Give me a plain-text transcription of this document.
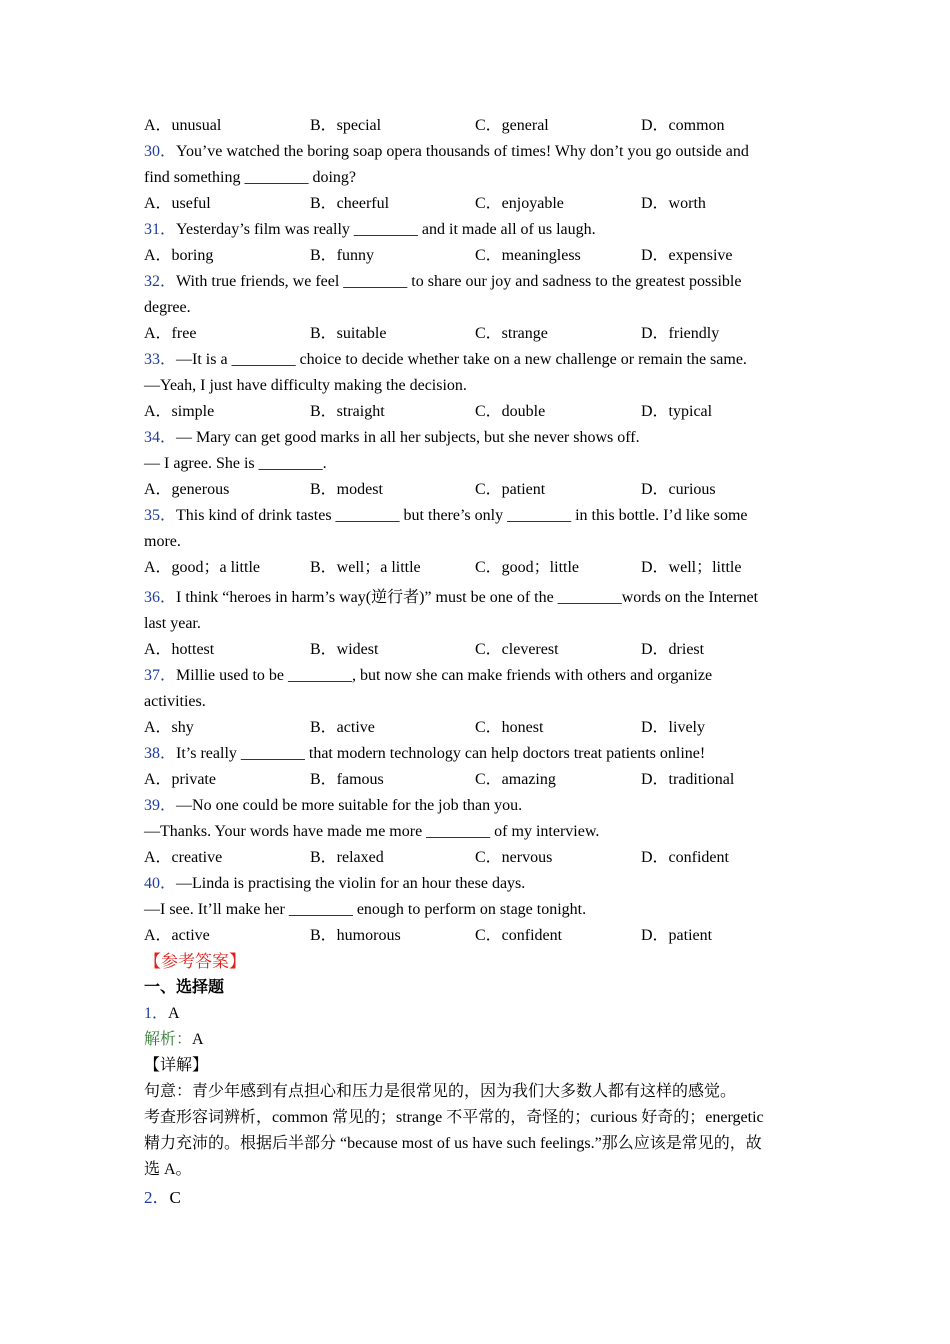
A．unusual	B．special	C．general	D．common
30．You’ve watched the boring soap opera thousands of times! Why don’t you go outside and
find something ________ doing?
A．useful	B．cheerful	C．enjoyable	D．worth
31．Yesterday’s film was really ________ and it made all of us laugh.
A．boring	B．funny	C．meaningless	D．expensive
32．With true friends, we feel ________ to share our joy and sadness to the greatest possible
degree.
A．free	B．suitable	C．strange	D．friendly
33．—It is a ________ choice to decide whether take on a new challenge or remain the same.
—Yeah, I just have difficulty making the decision.
A．simple	B．straight	C．double	D．typical
34．— Mary can get good marks in all her subjects, but she never shows off.
— I agree. She is ________.
A．generous	B．modest	C．patient	D．curious
35．This kind of drink tastes ________ but there’s only ________ in this bottle. I’d like some
more.
A．good；a little	B．well；a little	C．good；little	D．well；little
36．I think “heroes in harm’s way(逆行者)” must be one of the ________words on the Internet
last year.
A．hottest	B．widest	C．cleverest	D．driest
37．Millie used to be ________, but now she can make friends with others and organize
activities.
A．shy	B．active	C．honest	D．lively
38．It’s really ________ that modern technology can help doctors treat patients online!
A．private	B．famous	C．amazing	D．traditional
39．—No one could be more suitable for the job than you.
—Thanks. Your words have made me more ________ of my interview.
A．creative	B．relaxed	C．nervous	D．confident
40．—Linda is practising the violin for an hour these days.
—I see. It’ll make her ________ enough to perform on stage tonight.
A．active	B．humorous	C．confident	D．patient
【参考答案】
一、选择题
1．A
解析：A
【详解】
句意：青少年感到有点担心和压力是很常见的，因为我们大多数人都有这样的感觉。
考查形容词辨析，common 常见的；strange 不平常的，奇怪的；curious 好奇的；energetic
精力充沛的。根据后半部分 “because most of us have such feelings.”那么应该是常见的，故
选 A。
2．C
